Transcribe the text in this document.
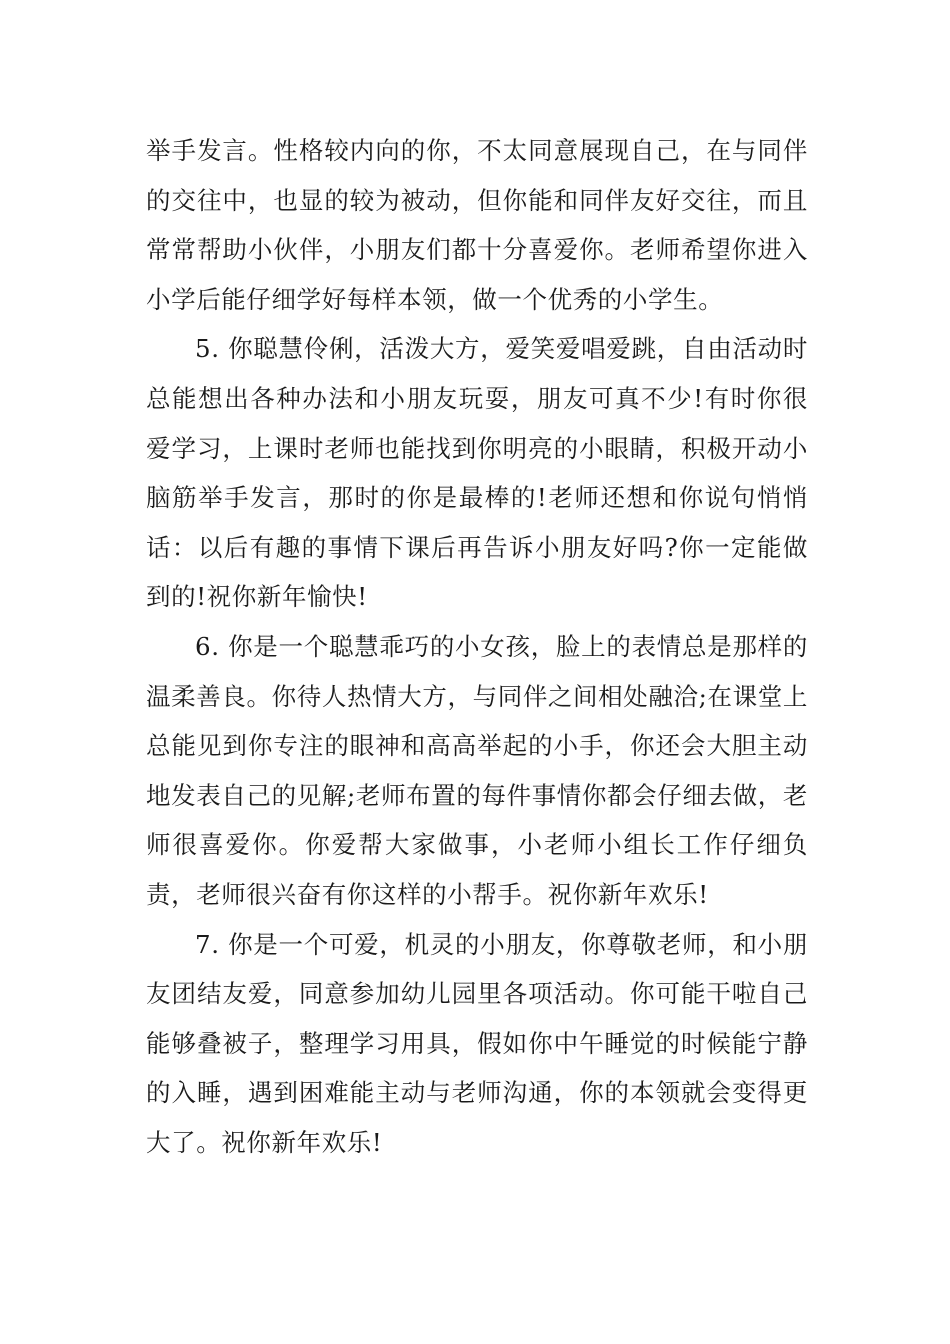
举手发言。性格较内向的你，不太同意展现自己，在与同伴的交往中，也显的较为被动，但你能和同伴友好交往，而且常常帮助小伙伴，小朋友们都十分喜爱你。老师希望你进入小学后能仔细学好每样本领，做一个优秀的小学生。

5. 你聪慧伶俐，活泼大方，爱笑爱唱爱跳，自由活动时总能想出各种办法和小朋友玩耍，朋友可真不少!有时你很爱学习，上课时老师也能找到你明亮的小眼睛，积极开动小脑筋举手发言，那时的你是最棒的!老师还想和你说句悄悄话：以后有趣的事情下课后再告诉小朋友好吗?你一定能做到的!祝你新年愉快!

6. 你是一个聪慧乖巧的小女孩，脸上的表情总是那样的温柔善良。你待人热情大方，与同伴之间相处融洽;在课堂上总能见到你专注的眼神和高高举起的小手，你还会大胆主动地发表自己的见解;老师布置的每件事情你都会仔细去做，老师很喜爱你。你爱帮大家做事，小老师小组长工作仔细负责，老师很兴奋有你这样的小帮手。祝你新年欢乐!

7. 你是一个可爱，机灵的小朋友，你尊敬老师，和小朋友团结友爱，同意参加幼儿园里各项活动。你可能干啦自己能够叠被子，整理学习用具，假如你中午睡觉的时候能宁静的入睡，遇到困难能主动与老师沟通，你的本领就会变得更大了。祝你新年欢乐!
